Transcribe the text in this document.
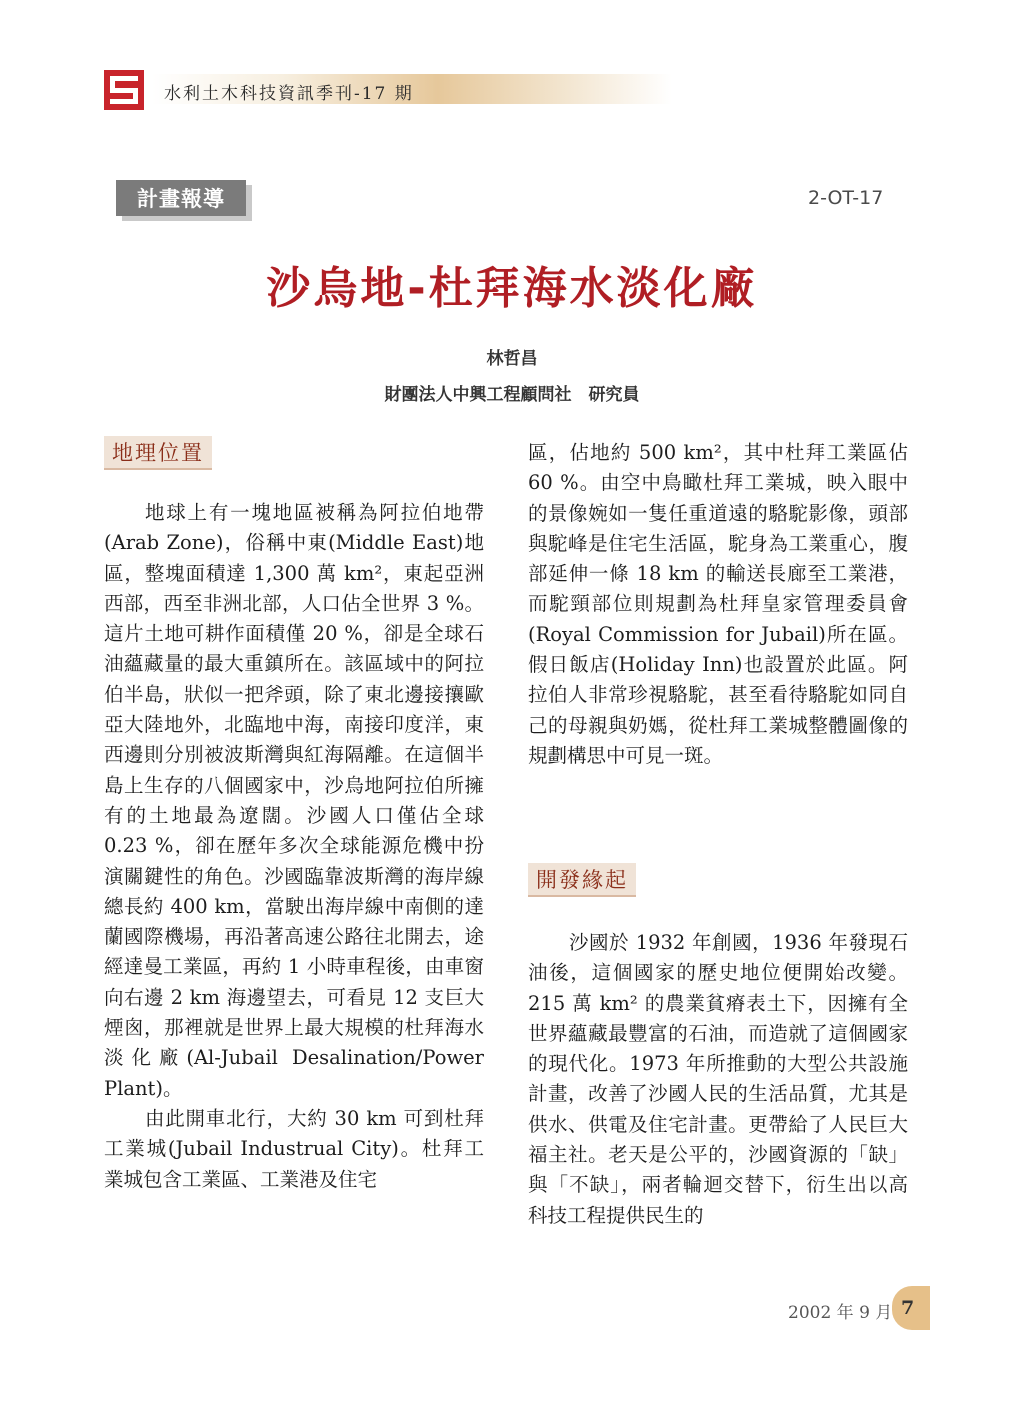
水利土木科技資訊季刊-17 期
計畫報導	2-OT-17
沙烏地-杜拜海水淡化廠
林哲昌
財團法人中興工程顧問社　研究員
地理位置

地球上有一塊地區被稱為阿拉伯地帶(Arab Zone)，俗稱中東(Middle East)地區，整塊面積達 1,300 萬 km²，東起亞洲西部，西至非洲北部，人口佔全世界 3 %。這片土地可耕作面積僅 20 %，卻是全球石油蘊藏量的最大重鎮所在。該區域中的阿拉伯半島，狀似一把斧頭，除了東北邊接攘歐亞大陸地外，北臨地中海，南接印度洋，東西邊則分別被波斯灣與紅海隔離。在這個半島上生存的八個國家中，沙烏地阿拉伯所擁有的土地最為遼闊。沙國人口僅佔全球 0.23 %，卻在歷年多次全球能源危機中扮演關鍵性的角色。沙國臨靠波斯灣的海岸線總長約 400 km，當駛出海岸線中南側的達蘭國際機場，再沿著高速公路往北開去，途經達曼工業區，再約 1 小時車程後，由車窗向右邊 2 km 海邊望去，可看見 12 支巨大煙囪，那裡就是世界上最大規模的杜拜海水淡化廠(Al-Jubail Desalination/Power Plant)。

由此開車北行，大約 30 km 可到杜拜工業城(Jubail Industrual City)。杜拜工業城包含工業區、工業港及住宅

區，佔地約 500 km²，其中杜拜工業區佔 60 %。由空中鳥瞰杜拜工業城，映入眼中的景像婉如一隻任重道遠的駱駝影像，頭部與駝峰是住宅生活區，駝身為工業重心，腹部延伸一條 18 km 的輸送長廊至工業港，而駝頸部位則規劃為杜拜皇家管理委員會(Royal Commission for Jubail)所在區。假日飯店(Holiday Inn)也設置於此區。阿拉伯人非常珍視駱駝，甚至看待駱駝如同自己的母親與奶媽，從杜拜工業城整體圖像的規劃構思中可見一斑。

開發緣起

沙國於 1932 年創國，1936 年發現石油後，這個國家的歷史地位便開始改變。215 萬 km² 的農業貧瘠表土下，因擁有全世界蘊藏最豐富的石油，而造就了這個國家的現代化。1973 年所推動的大型公共設施計畫，改善了沙國人民的生活品質，尤其是供水、供電及住宅計畫。更帶給了人民巨大福主社。老天是公平的，沙國資源的「缺」與「不缺」，兩者輪迴交替下，衍生出以高科技工程提供民生的

2002 年 9 月 7
